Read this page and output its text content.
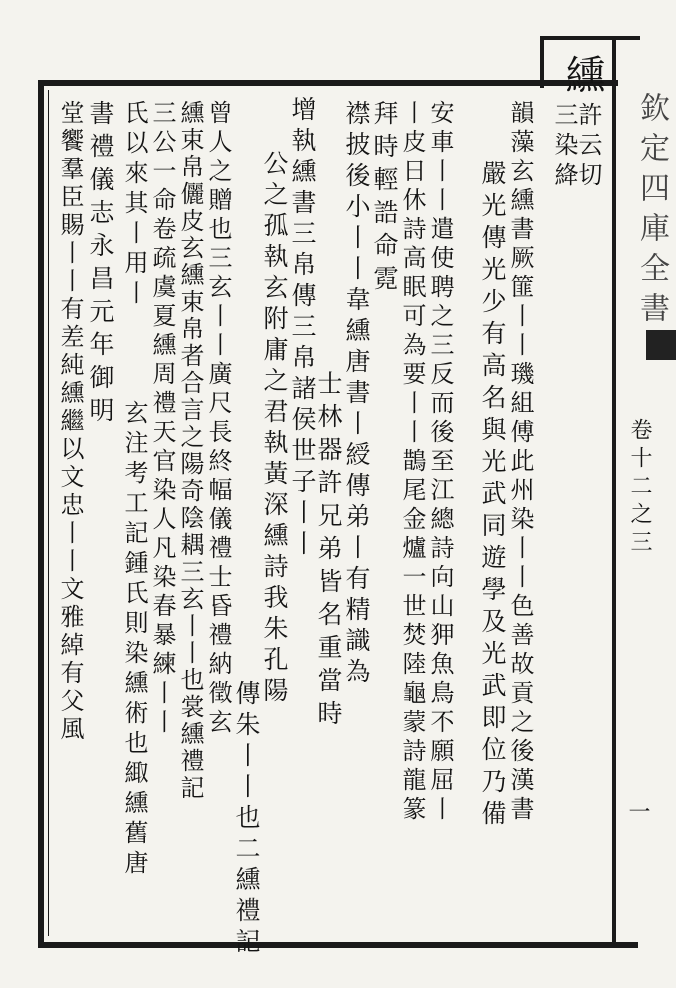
欽定四庫全書
卷十二之三
一
纁
許云切
三染絳
韻藻玄纁書厥篚丨丨璣組傅此州染丨丨色善故貢之後漢書
嚴光傳光少有高名與光武同遊學及光武即位乃備
安車丨丨遣使聘之三反而後至江總詩向山狎魚鳥不願屈丨
丨皮日休詩高眠可為要丨丨鵲尾金爐一世焚陸龜蒙詩龍篆
拜時輕誥命霓
襟披後小丨丨韋纁唐書丨綬傳弟丨有精識為
士林器許兄弟皆名重當時
增執纁書三帛傳三帛諸侯世子丨丨
公之孤執玄附庸之君執黃深纁詩我朱孔陽
傳朱丨丨也二纁禮記
曾人之贈也三玄丨丨廣尺長終幅儀禮士昏禮納徵玄
纁束帛儷皮玄纁束帛者合言之陽奇陰耦三玄丨丨也裳纁禮記
三公一命卷疏虞夏纁周禮天官染人凡染春暴練丨丨
玄注考工記鍾氏則染纁術也緅纁舊唐
氏以來其丨用丨
書禮儀志永昌元年御明
堂饗羣臣賜丨丨有差純纁繼以文忠丨丨文雅綽有父風
